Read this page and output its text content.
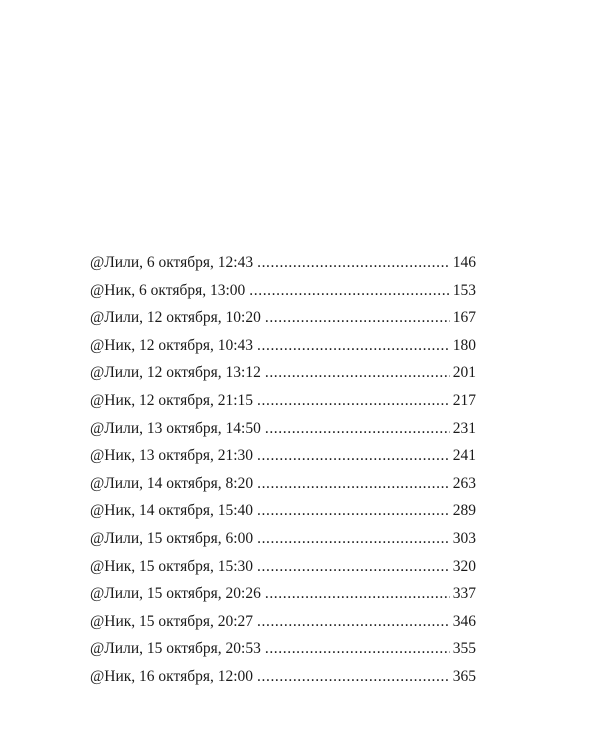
@Лили, 6 октября, 12:43 .....	146
@Ник, 6 октября, 13:00 .....	153
@Лили, 12 октября, 10:20 .....	167
@Ник, 12 октября, 10:43 .....	180
@Лили, 12 октября, 13:12 .....	201
@Ник, 12 октября, 21:15 .....	217
@Лили, 13 октября, 14:50 .....	231
@Ник, 13 октября, 21:30 .....	241
@Лили, 14 октября, 8:20 .....	263
@Ник, 14 октября, 15:40 .....	289
@Лили, 15 октября, 6:00 .....	303
@Ник, 15 октября, 15:30 .....	320
@Лили, 15 октября, 20:26 .....	337
@Ник, 15 октября, 20:27 .....	346
@Лили, 15 октября, 20:53 .....	355
@Ник, 16 октября, 12:00 .....	365
